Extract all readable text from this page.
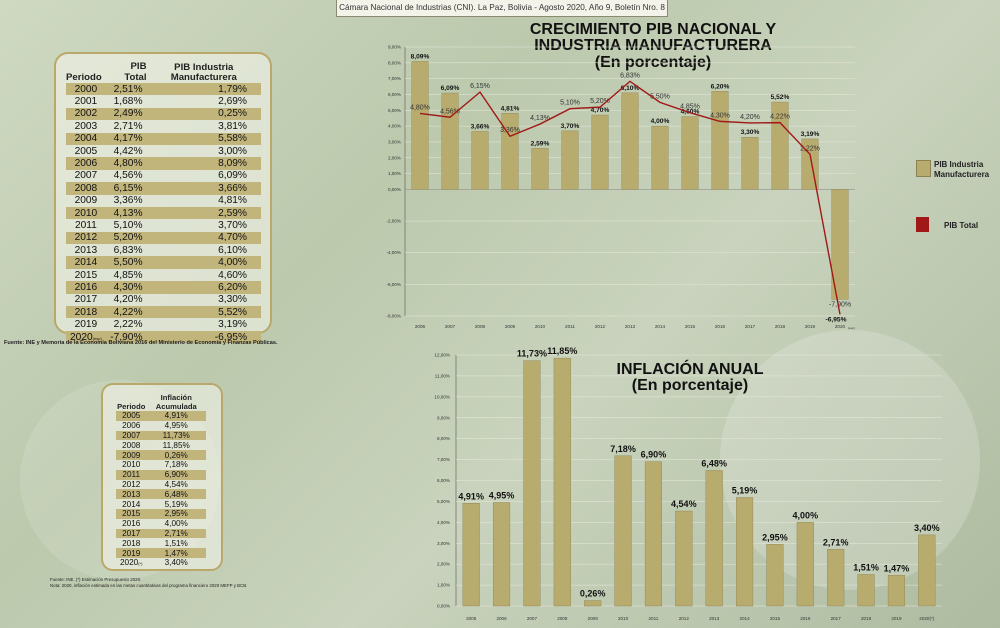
Cámara Nacional de Industrias (CNI). La Paz, Bolivia - Agosto 2020, Año 9, Boletín Nro. 8
Periodo	PIB Total	PIB Industria Manufacturera
2000	2,51%	1,79%
2001	1,68%	2,69%
2002	2,49%	0,25%
2003	2,71%	3,81%
2004	4,17%	5,58%
2005	4,42%	3,00%
2006	4,80%	8,09%
2007	4,56%	6,09%
2008	6,15%	3,66%
2009	3,36%	4,81%
2010	4,13%	2,59%
2011	5,10%	3,70%
2012	5,20%	4,70%
2013	6,83%	6,10%
2014	5,50%	4,00%
2015	4,85%	4,60%
2016	4,30%	6,20%
2017	4,20%	3,30%
2018	4,22%	5,52%
2019	2,22%	3,19%
2020(esp)	-7,90%	-6,95%
Fuente: INE y Memoria de la Economía Boliviana 2016 del Ministerio de Economía y Finanzas Públicas.
Periodo	Inflación Acumulada
2005	4,91%
2006	4,95%
2007	11,73%
2008	11,85%
2009	0,26%
2010	7,18%
2011	6,90%
2012	4,54%
2013	6,48%
2014	5,19%
2015	2,95%
2016	4,00%
2017	2,71%
2018	1,51%
2019	1,47%
2020(*)	3,40%
Fuente: INE. (*) Estimación Presupuesto 2020.
Nota: 2020, inflación estimada en las metas cuantitativas del programa financiero 2020 MEFP y BCB.
CRECIMIENTO PIB NACIONAL Y INDUSTRIA MANUFACTURERA
(En porcentaje)
INFLACIÓN ANUAL
(En porcentaje)
PIB Industria Manufacturera
PIB Total
9,00%
8,00%
7,00%
6,00%
5,00%
4,00%
3,00%
2,00%
1,00%
0,00%
-2,00%
-4,00%
-6,00%
-8,00%
8,09%
4,80%
2006
6,09%
4,56%
2007
3,66%
6,15%
2008
4,81%
3,36%
2009
2,59%
4,13%
2010
3,70%
5,10%
2011
4,70%
5,20%
2012
6,10%
6,83%
2013
4,00%
5,50%
2014
4,60%
4,85%
2015
6,20%
4,30%
2016
3,30%
4,20%
2017
5,52%
4,22%
2018
3,19%
2,22%
2019
-6,95%
-7,90%
2020 (esp)
12,00%
11,00%
10,00%
9,00%
8,00%
7,00%
6,00%
5,00%
4,00%
3,00%
2,00%
1,00%
0,00%
4,91%
2005
4,95%
2006
11,73%
2007
11,85%
2008
0,26%
2009
7,18%
2010
6,90%
2011
4,54%
2012
6,48%
2013
5,19%
2014
2,95%
2015
4,00%
2016
2,71%
2017
1,51%
2018
1,47%
2019
3,40%
2020(*)
